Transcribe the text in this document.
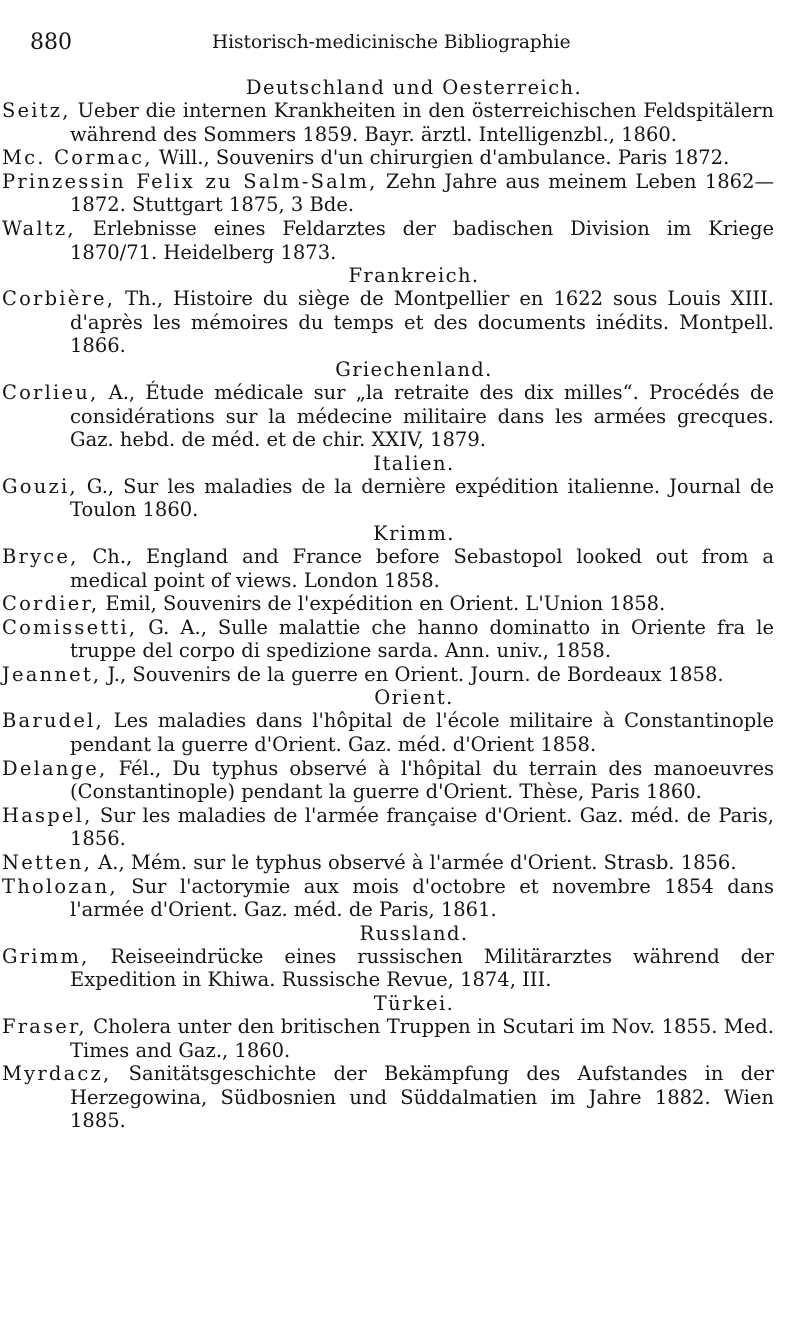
880	Historisch-medicinische Bibliographie
Deutschland und Oesterreich.
Seitz, Ueber die internen Krankheiten in den österreichischen Feldspitälern während des Sommers 1859. Bayr. ärztl. Intelligenzbl., 1860.
Mc. Cormac, Will., Souvenirs d'un chirurgien d'ambulance. Paris 1872.
Prinzessin Felix zu Salm-Salm, Zehn Jahre aus meinem Leben 1862—1872. Stuttgart 1875, 3 Bde.
Waltz, Erlebnisse eines Feldarztes der badischen Division im Kriege 1870/71. Heidelberg 1873.
Frankreich.
Corbière, Th., Histoire du siège de Montpellier en 1622 sous Louis XIII. d'après les mémoires du temps et des documents inédits. Montpell. 1866.
Griechenland.
Corlieu, A., Étude médicale sur „la retraite des dix milles“. Procédés de considérations sur la médecine militaire dans les armées grecques. Gaz. hebd. de méd. et de chir. XXIV, 1879.
Italien.
Gouzi, G., Sur les maladies de la dernière expédition italienne. Journal de Toulon 1860.
Krimm.
Bryce, Ch., England and France before Sebastopol looked out from a medical point of views. London 1858.
Cordier, Emil, Souvenirs de l'expédition en Orient. L'Union 1858.
Comissetti, G. A., Sulle malattie che hanno dominatto in Oriente fra le truppe del corpo di spedizione sarda. Ann. univ., 1858.
Jeannet, J., Souvenirs de la guerre en Orient. Journ. de Bordeaux 1858.
Orient.
Barudel, Les maladies dans l'hôpital de l'école militaire à Constantinople pendant la guerre d'Orient. Gaz. méd. d'Orient 1858.
Delange, Fél., Du typhus observé à l'hôpital du terrain des manoeuvres (Constantinople) pendant la guerre d'Orient. Thèse, Paris 1860.
Haspel, Sur les maladies de l'armée française d'Orient. Gaz. méd. de Paris, 1856.
Netten, A., Mém. sur le typhus observé à l'armée d'Orient. Strasb. 1856.
Tholozan, Sur l'actorymie aux mois d'octobre et novembre 1854 dans l'armée d'Orient. Gaz. méd. de Paris, 1861.
Russland.
Grimm, Reiseeindrücke eines russischen Militärarztes während der Expedition in Khiwa. Russische Revue, 1874, III.
Türkei.
Fraser, Cholera unter den britischen Truppen in Scutari im Nov. 1855. Med. Times and Gaz., 1860.
Myrdacz, Sanitätsgeschichte der Bekämpfung des Aufstandes in der Herzegowina, Südbosnien und Süddalmatien im Jahre 1882. Wien 1885.
